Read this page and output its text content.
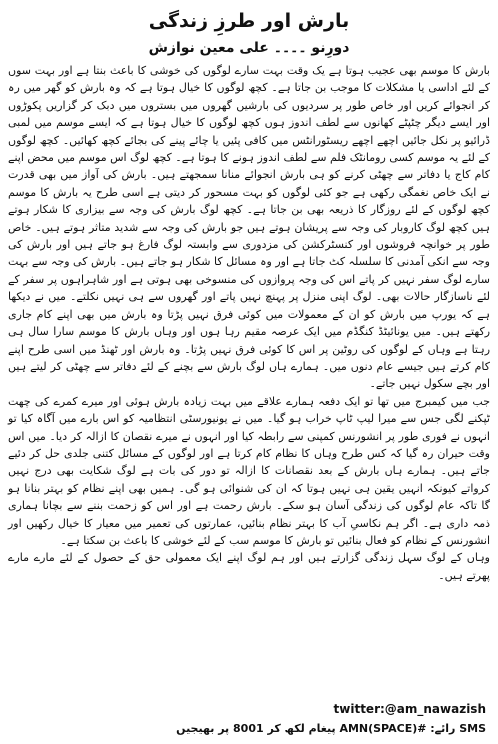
بارش اور طرزِ زندگی
دورِنو ۔۔۔۔ علی معین نوازش

بارش کا موسم بھی عجیب ہوتا ہے یک وقت بہت سارے لوگوں کی خوشی کا باعث بنتا ہے اور بہت سوں کے لئے اداسی یا مشکلات کا موجب بن جاتا ہے۔ کچھ لوگوں کا خیال ہوتا ہے کہ وہ بارش کو گھر میں رہ کر انجوائے کریں اور خاص طور پر سردیوں کی بارشیں گھروں میں بستروں میں دبک کر گزاریں پکوڑوں اور ایسے دیگر چٹپٹے کھانوں سے لطف اندوز ہوں کچھ لوگوں کا خیال ہوتا ہے کہ ایسے موسم میں لمبی ڈرائیو پر نکل جائیں اچھے اچھے ریسٹورانٹس میں کافی پئیں یا چائے پینے کی بجائے کچھ کھائیں۔ کچھ لوگوں کے لئے یہ موسم کسی رومانٹک فلم سے لطف اندوز ہونے کا ہوتا ہے۔ کچھ لوگ اس موسم میں محض اپنے کام کاج یا دفاتر سے چھٹی کرنے کو ہی بارش انجوائے منانا سمجھتے ہیں۔ بارش کی آواز میں بھی قدرت نے ایک خاص نغمگی رکھی ہے جو کئی لوگوں کو بہت مسحور کر دیتی ہے اسی طرح یہ بارش کا موسم کچھ لوگوں کے لئے روزگار کا ذریعہ بھی بن جاتا ہے۔ کچھ لوگ بارش کی وجہ سے بیزاری کا شکار ہوتے ہیں کچھ لوگ کاروبار کی وجہ سے پریشان ہوتے ہیں جو بارش کی وجہ سے شدید متاثر ہوتے ہیں۔ خاص طور پر خوانچہ فروشوں اور کنسٹرکشن کی مزدوری سے وابستہ لوگ فارغ ہو جاتے ہیں اور بارش کی وجہ سے انکی آمدنی کا سلسلہ کٹ جاتا ہے اور وہ مسائل کا شکار ہو جاتے ہیں۔ بارش کی وجہ سے بہت سارے لوگ سفر نہیں کر پاتے اس کی وجہ پروازوں کی منسوخی بھی ہوتی ہے اور شاہراہوں پر سفر کے لئے ناسازگار حالات بھی۔ لوگ اپنی منزل پر پہنچ نہیں پاتے اور گھروں سے ہی نہیں نکلتے۔ میں نے دیکھا ہے کہ یورپ میں بارش کو ان کے معمولات میں کوئی فرق نہیں پڑتا وہ بارش میں بھی اپنے کام جاری رکھتے ہیں۔ میں یونائیٹڈ کنگڈم میں ایک عرصہ مقیم رہا ہوں اور وہاں بارش کا موسم سارا سال ہی رہتا ہے وہاں کے لوگوں کی روٹین پر اس کا کوئی فرق نہیں پڑتا۔ وہ بارش اور ٹھنڈ میں اسی طرح اپنے کام کرتے ہیں جیسے عام دنوں میں۔ ہمارے ہاں لوگ بارش سے بچنے کے لئے دفاتر سے چھٹی کر لیتے ہیں اور بچے سکول نہیں جاتے۔

جب میں کیمبرج میں تھا تو ایک دفعہ ہمارے علاقے میں بہت زیادہ بارش ہوئی اور میرے کمرے کی چھت ٹپکنے لگی جس سے میرا لیپ ٹاپ خراب ہو گیا۔ میں نے یونیورسٹی انتظامیہ کو اس بارے میں آگاہ کیا تو انہوں نے فوری طور پر انشورنس کمپنی سے رابطہ کیا اور انہوں نے میرے نقصان کا ازالہ کر دیا۔ میں اس وقت حیران رہ گیا کہ کس طرح وہاں کا نظام کام کرتا ہے اور لوگوں کے مسائل کتنی جلدی حل کر دئیے جاتے ہیں۔ ہمارے ہاں بارش کے بعد نقصانات کا ازالہ تو دور کی بات ہے لوگ شکایت بھی درج نہیں کرواتے کیونکہ انہیں یقین ہی نہیں ہوتا کہ ان کی شنوائی ہو گی۔ ہمیں بھی اپنے نظام کو بہتر بنانا ہو گا تاکہ عام لوگوں کی زندگی آسان ہو سکے۔ بارش رحمت ہے اور اس کو زحمت بننے سے بچانا ہماری ذمہ داری ہے۔ اگر ہم نکاسیِ آب کا بہتر نظام بنائیں، عمارتوں کی تعمیر میں معیار کا خیال رکھیں اور انشورنس کے نظام کو فعال بنائیں تو بارش کا موسم سب کے لئے خوشی کا باعث بن سکتا ہے۔

وہاں کے لوگ سہل زندگی گزارتے ہیں اور ہم لوگ اپنے ایک معمولی حق کے حصول کے لئے مارے مارے پھرتے ہیں۔

twitter:@am_nawazish
SMS رائے: #AMN(SPACE) پیغام لکھ کر 8001 پر بھیجیں
